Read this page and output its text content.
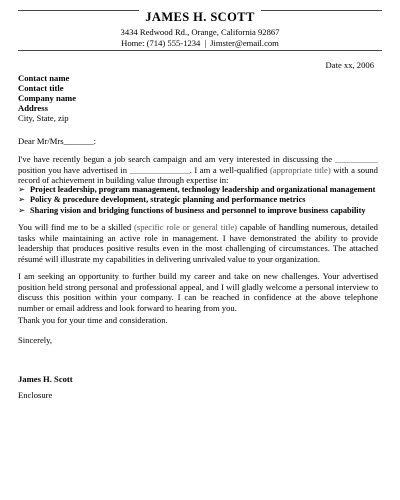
JAMES H. SCOTT
3434 Redwood Rd., Orange, California 92867
Home: (714) 555-1234 | Jimster@email.com
Date xx, 2006
Contact name
Contact title
Company name
Address
City, State, zip
Dear Mr/Mrs_______:
I've have recently begun a job search campaign and am very interested in discussing the __________ position you have advertised in ______________. I am a well-qualified (appropriate title) with a sound record of achievement in building value through expertise in:
➢ Project leadership, program management, technology leadership and organizational management
➢ Policy & procedure development, strategic planning and performance metrics
➢ Sharing vision and bridging functions of business and personnel to improve business capability
You will find me to be a skilled (specific role or general title) capable of handling numerous, detailed tasks while maintaining an active role in management. I have demonstrated the ability to provide leadership that produces positive results even in the most challenging of circumstances. The attached résumé will illustrate my capabilities in delivering unrivaled value to your organization.
I am seeking an opportunity to further build my career and take on new challenges. Your advertised position held strong personal and professional appeal, and I will gladly welcome a personal interview to discuss this position within your company. I can be reached in confidence at the above telephone number or email address and look forward to hearing from you.
Thank you for your time and consideration.
Sincerely,
James H. Scott
Enclosure
